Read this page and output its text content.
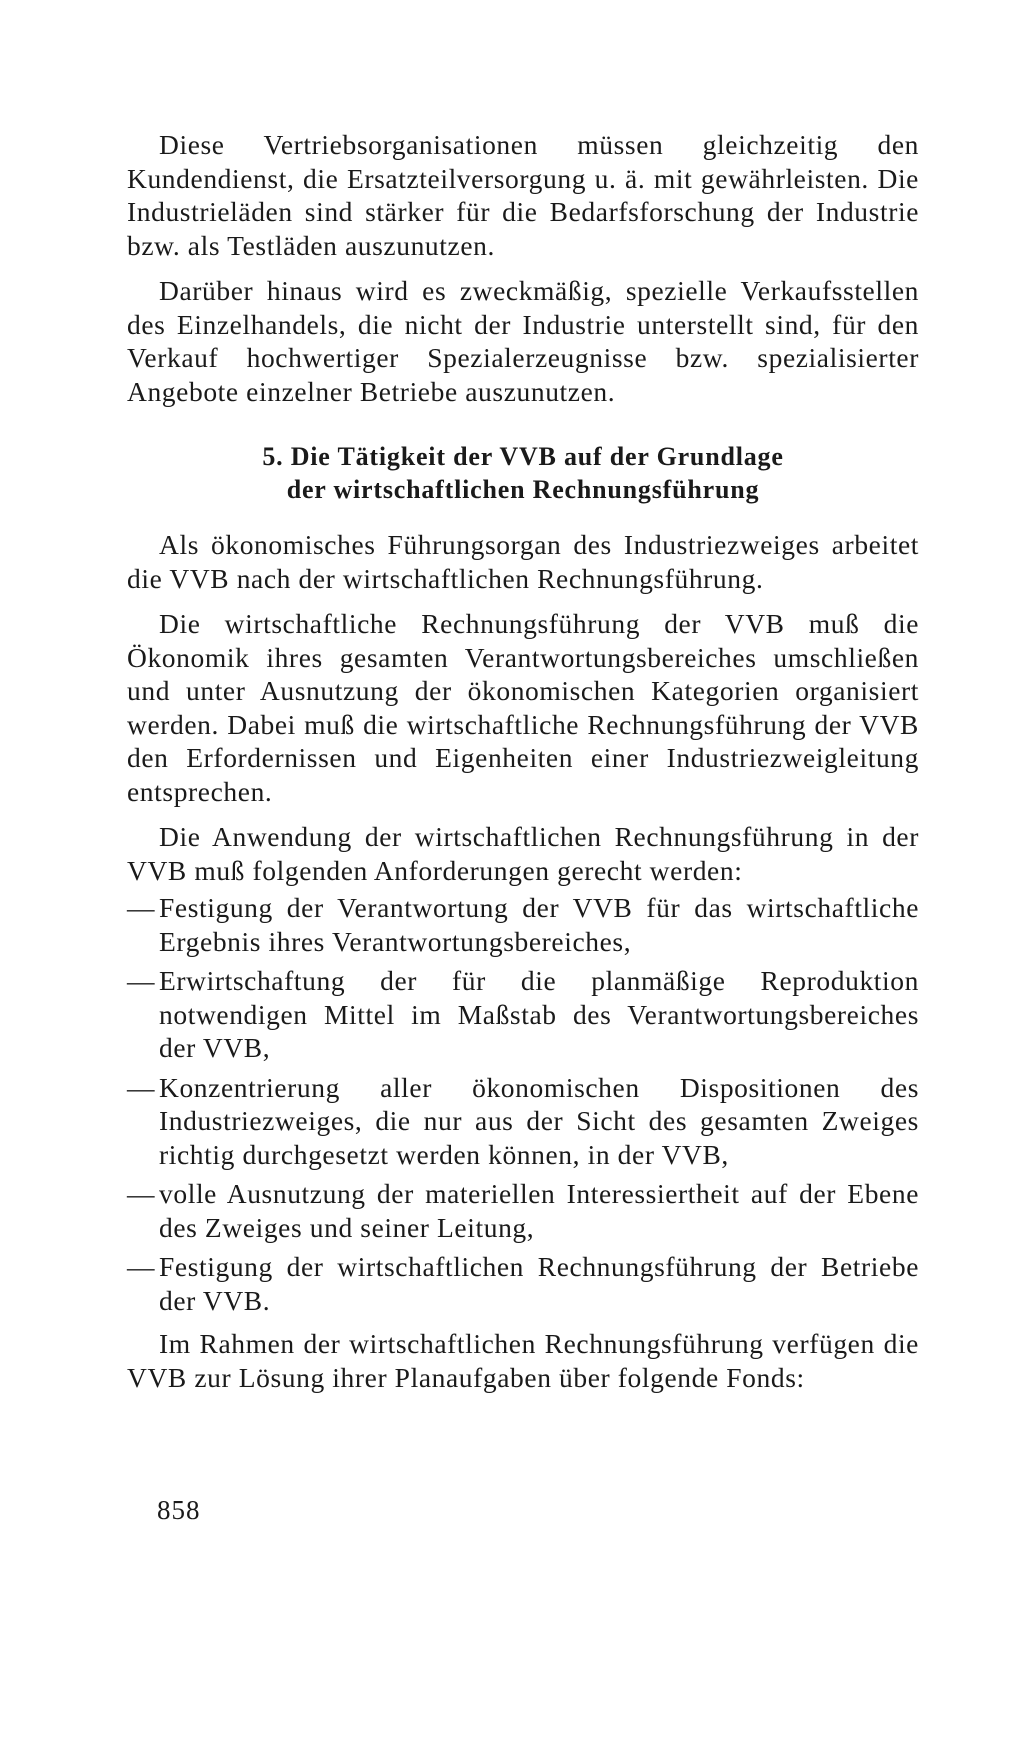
Diese Vertriebsorganisationen müssen gleichzeitig den Kundendienst, die Ersatzteilversorgung u. ä. mit gewährleisten. Die Industrieläden sind stärker für die Bedarfsforschung der Industrie bzw. als Testläden auszunutzen.

Darüber hinaus wird es zweckmäßig, spezielle Verkaufsstellen des Einzelhandels, die nicht der Industrie unterstellt sind, für den Verkauf hochwertiger Spezialerzeugnisse bzw. spezialisierter Angebote einzelner Betriebe auszunutzen.

5. Die Tätigkeit der VVB auf der Grundlage
der wirtschaftlichen Rechnungsführung

Als ökonomisches Führungsorgan des Industriezweiges arbeitet die VVB nach der wirtschaftlichen Rechnungsführung.

Die wirtschaftliche Rechnungsführung der VVB muß die Ökonomik ihres gesamten Verantwortungsbereiches umschließen und unter Ausnutzung der ökonomischen Kategorien organisiert werden. Dabei muß die wirtschaftliche Rechnungsführung der VVB den Erfordernissen und Eigenheiten einer Industriezweigleitung entsprechen.

Die Anwendung der wirtschaftlichen Rechnungsführung in der VVB muß folgenden Anforderungen gerecht werden:

— Festigung der Verantwortung der VVB für das wirtschaftliche Ergebnis ihres Verantwortungsbereiches,
— Erwirtschaftung der für die planmäßige Reproduktion notwendigen Mittel im Maßstab des Verantwortungsbereiches der VVB,
— Konzentrierung aller ökonomischen Dispositionen des Industriezweiges, die nur aus der Sicht des gesamten Zweiges richtig durchgesetzt werden können, in der VVB,
— volle Ausnutzung der materiellen Interessiertheit auf der Ebene des Zweiges und seiner Leitung,
— Festigung der wirtschaftlichen Rechnungsführung der Betriebe der VVB.

Im Rahmen der wirtschaftlichen Rechnungsführung verfügen die VVB zur Lösung ihrer Planaufgaben über folgende Fonds:

858
